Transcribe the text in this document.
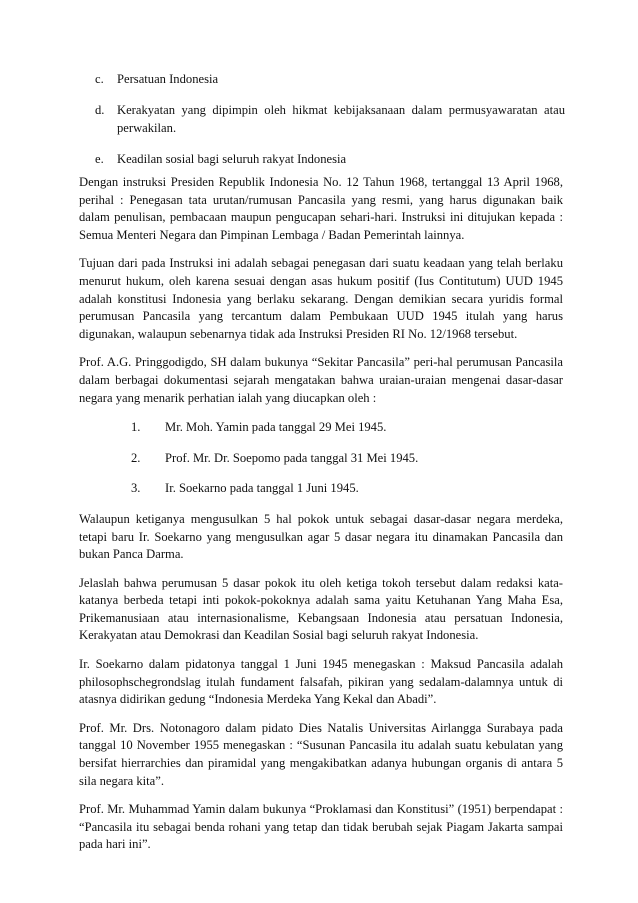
c. Persatuan Indonesia
d. Kerakyatan yang dipimpin oleh hikmat kebijaksanaan dalam permusyawaratan atau perwakilan.
e. Keadilan sosial bagi seluruh rakyat Indonesia

Dengan instruksi Presiden Republik Indonesia No. 12 Tahun 1968, tertanggal 13 April 1968, perihal : Penegasan tata urutan/rumusan Pancasila yang resmi, yang harus digunakan baik dalam penulisan, pembacaan maupun pengucapan sehari-hari. Instruksi ini ditujukan kepada : Semua Menteri Negara dan Pimpinan Lembaga / Badan Pemerintah lainnya.

Tujuan dari pada Instruksi ini adalah sebagai penegasan dari suatu keadaan yang telah berlaku menurut hukum, oleh karena sesuai dengan asas hukum positif (Ius Contitutum) UUD 1945 adalah konstitusi Indonesia yang berlaku sekarang. Dengan demikian secara yuridis formal perumusan Pancasila yang tercantum dalam Pembukaan UUD 1945 itulah yang harus digunakan, walaupun sebenarnya tidak ada Instruksi Presiden RI No. 12/1968 tersebut.

Prof. A.G. Pringgodigdo, SH dalam bukunya “Sekitar Pancasila” peri-hal perumusan Pancasila dalam berbagai dokumentasi sejarah mengatakan bahwa uraian-uraian mengenai dasar-dasar negara yang menarik perhatian ialah yang diucapkan oleh :

1. Mr. Moh. Yamin pada tanggal 29 Mei 1945.
2. Prof. Mr. Dr. Soepomo pada tanggal 31 Mei 1945.
3. Ir. Soekarno pada tanggal 1 Juni 1945.

Walaupun ketiganya mengusulkan 5 hal pokok untuk sebagai dasar-dasar negara merdeka, tetapi baru Ir. Soekarno yang mengusulkan agar 5 dasar negara itu dinamakan Pancasila dan bukan Panca Darma.

Jelaslah bahwa perumusan 5 dasar pokok itu oleh ketiga tokoh tersebut dalam redaksi kata-katanya berbeda tetapi inti pokok-pokoknya adalah sama yaitu Ketuhanan Yang Maha Esa, Prikemanusiaan atau internasionalisme, Kebangsaan Indonesia atau persatuan Indonesia, Kerakyatan atau Demokrasi dan Keadilan Sosial bagi seluruh rakyat Indonesia.

Ir. Soekarno dalam pidatonya tanggal 1 Juni 1945 menegaskan : Maksud Pancasila adalah philosophschegrondslag itulah fundament falsafah, pikiran yang sedalam-dalamnya untuk di atasnya didirikan gedung “Indonesia Merdeka Yang Kekal dan Abadi”.

Prof. Mr. Drs. Notonagoro dalam pidato Dies Natalis Universitas Airlangga Surabaya pada tanggal 10 November 1955 menegaskan : “Susunan Pancasila itu adalah suatu kebulatan yang bersifat hierrarchies dan piramidal yang mengakibatkan adanya hubungan organis di antara 5 sila negara kita”.

Prof. Mr. Muhammad Yamin dalam bukunya “Proklamasi dan Konstitusi” (1951) berpendapat : “Pancasila itu sebagai benda rohani yang tetap dan tidak berubah sejak Piagam Jakarta sampai pada hari ini”.
